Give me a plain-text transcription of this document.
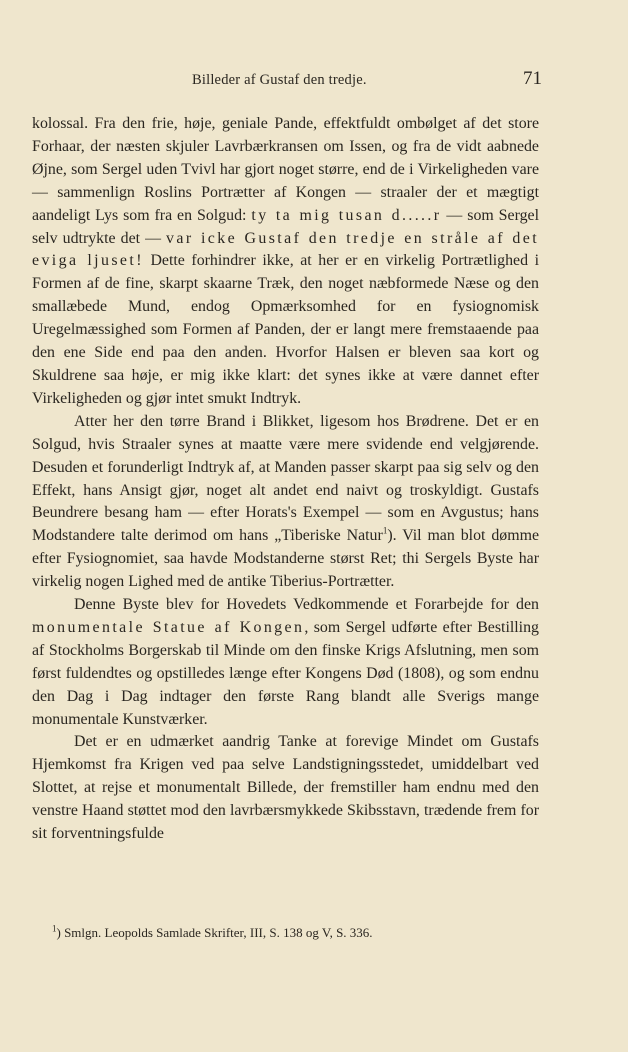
Billeder af Gustaf den tredje.	71

kolossal. Fra den frie, høje, geniale Pande, effektfuldt ombølget af det store Forhaar, der næsten skjuler Lavrbærkransen om Issen, og fra de vidt aabnede Øjne, som Sergel uden Tvivl har gjort noget større, end de i Virkeligheden vare — sammenlign Roslins Portrætter af Kongen — straaler der et mægtigt aandeligt Lys som fra en Solgud: ty ta mig tusan d.....r — som Sergel selv udtrykte det — var icke Gustaf den tredje en stråle af det eviga ljuset! Dette forhindrer ikke, at her er en virkelig Portrætlighed i Formen af de fine, skarpt skaarne Træk, den noget næbformede Næse og den smallæbede Mund, endog Opmærksomhed for en fysiognomisk Uregelmæssighed som Formen af Panden, der er langt mere fremstaaende paa den ene Side end paa den anden. Hvorfor Halsen er bleven saa kort og Skuldrene saa høje, er mig ikke klart: det synes ikke at være dannet efter Virkeligheden og gjør intet smukt Indtryk.

Atter her den tørre Brand i Blikket, ligesom hos Brødrene. Det er en Solgud, hvis Straaler synes at maatte være mere svidende end velgjørende. Desuden et forunderligt Indtryk af, at Manden passer skarpt paa sig selv og den Effekt, hans Ansigt gjør, noget alt andet end naivt og troskyldigt. Gustafs Beundrere besang ham — efter Horats's Exempel — som en Avgustus; hans Modstandere talte derimod om hans „Tiberiske Natur$^1$). Vil man blot dømme efter Fysiognomiet, saa havde Modstanderne størst Ret; thi Sergels Byste har virkelig nogen Lighed med de antike Tiberius-Portrætter.

Denne Byste blev for Hovedets Vedkommende et Forarbejde for den monumentale Statue af Kongen, som Sergel udførte efter Bestilling af Stockholms Borgerskab til Minde om den finske Krigs Afslutning, men som først fuldendtes og opstilledes længe efter Kongens Død (1808), og som endnu den Dag i Dag indtager den første Rang blandt alle Sverigs mange monumentale Kunstværker.

Det er en udmærket aandrig Tanke at forevige Mindet om Gustafs Hjemkomst fra Krigen ved paa selve Landstigningsstedet, umiddelbart ved Slottet, at rejse et monumentalt Billede, der fremstiller ham endnu med den venstre Haand støttet mod den lavrbærsmykkede Skibsstavn, trædende frem for sit forventningsfulde

$^1$) Smlgn. Leopolds Samlade Skrifter, III, S. 138 og V, S. 336.
